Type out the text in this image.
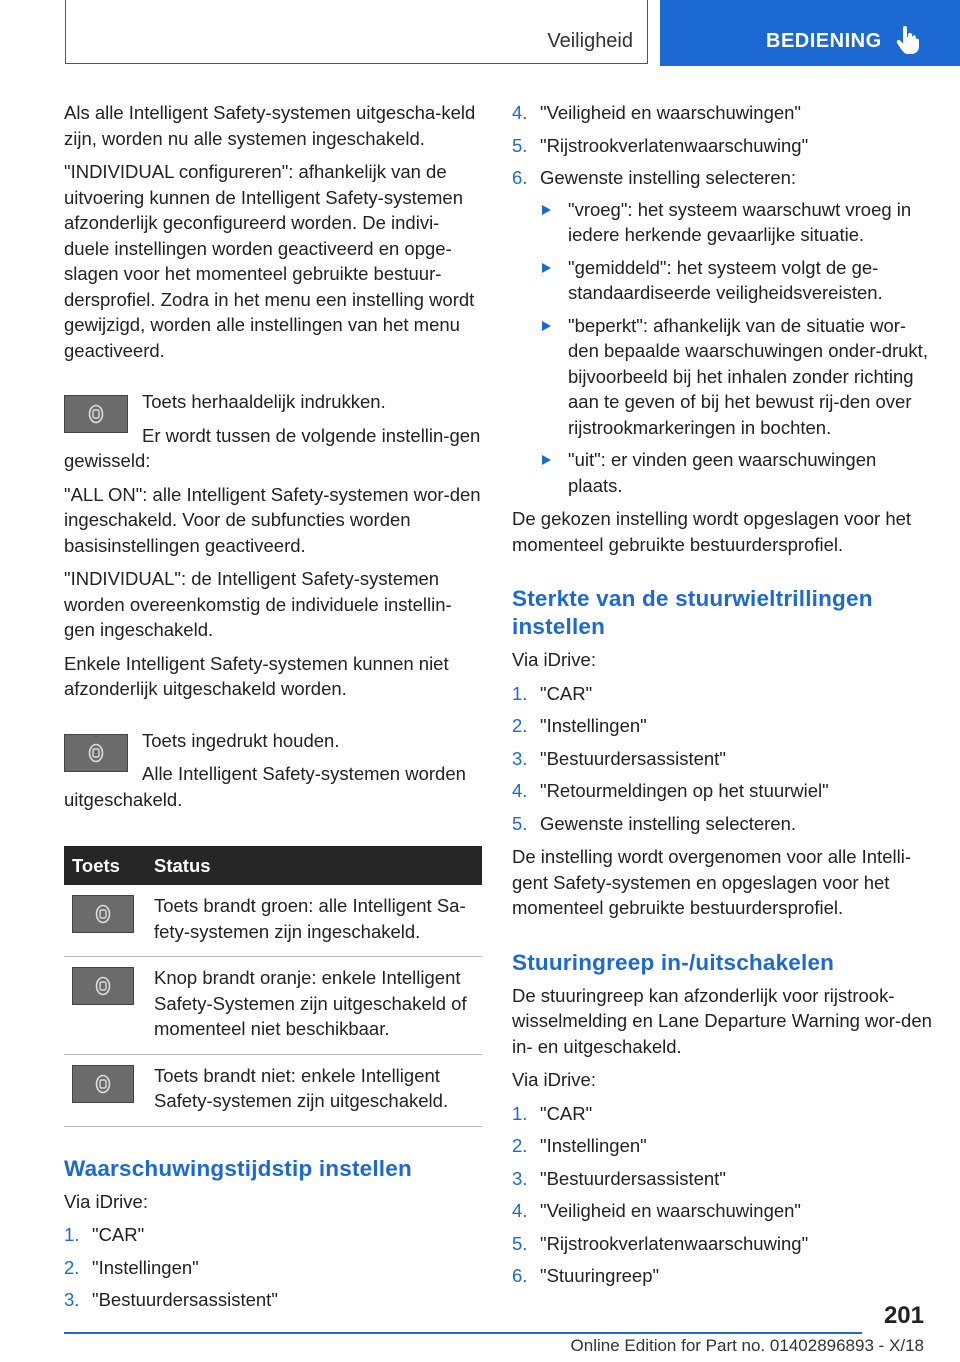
Veiligheid	BEDIENING

Als alle Intelligent Safety-systemen uitgescha-keld zijn, worden nu alle systemen ingeschakeld.

"INDIVIDUAL configureren": afhankelijk van de uitvoering kunnen de Intelligent Safety-systemen afzonderlijk geconfigureerd worden. De indivi-duele instellingen worden geactiveerd en opge-slagen voor het momenteel gebruikte bestuur-dersprofiel. Zodra in het menu een instelling wordt gewijzigd, worden alle instellingen van het menu geactiveerd.

Toets herhaaldelijk indrukken.

Er wordt tussen de volgende instellin-gen gewisseld:

"ALL ON": alle Intelligent Safety-systemen wor-den ingeschakeld. Voor de subfuncties worden basisinstellingen geactiveerd.

"INDIVIDUAL": de Intelligent Safety-systemen worden overeenkomstig de individuele instellin-gen ingeschakeld.

Enkele Intelligent Safety-systemen kunnen niet afzonderlijk uitgeschakeld worden.

Toets ingedrukt houden.

Alle Intelligent Safety-systemen worden uitgeschakeld.

Toets	Status

	Toets brandt groen: alle Intelligent Sa-fety-systemen zijn ingeschakeld.

	Knop brandt oranje: enkele Intelligent Safety-Systemen zijn uitgeschakeld of momenteel niet beschikbaar.

	Toets brandt niet: enkele Intelligent Safety-systemen zijn uitgeschakeld.
Waarschuwingstijdstip instellen

Via iDrive:

1. "CAR"
2. "Instellingen"
3. "Bestuurdersassistent"
4. "Veiligheid en waarschuwingen"
5. "Rijstrookverlatenwaarschuwing"
6. Gewenste instelling selecteren:
"vroeg": het systeem waarschuwt vroeg in iedere herkende gevaarlijke situatie.
"gemiddeld": het systeem volgt de ge-standaardiseerde veiligheidsvereisten.
"beperkt": afhankelijk van de situatie wor-den bepaalde waarschuwingen onder-drukt, bijvoorbeeld bij het inhalen zonder richting aan te geven of bij het bewust rij-den over rijstrookmarkeringen in bochten.
"uit": er vinden geen waarschuwingen plaats.

De gekozen instelling wordt opgeslagen voor het momenteel gebruikte bestuurdersprofiel.

Sterkte van de stuurwieltrillingen instellen

Via iDrive:

1. "CAR"
2. "Instellingen"
3. "Bestuurdersassistent"
4. "Retourmeldingen op het stuurwiel"
5. Gewenste instelling selecteren.

De instelling wordt overgenomen voor alle Intelli-gent Safety-systemen en opgeslagen voor het momenteel gebruikte bestuurdersprofiel.

Stuuringreep in-/uitschakelen

De stuuringreep kan afzonderlijk voor rijstrook-wisselmelding en Lane Departure Warning wor-den in- en uitgeschakeld.

Via iDrive:

1. "CAR"
2. "Instellingen"
3. "Bestuurdersassistent"
4. "Veiligheid en waarschuwingen"
5. "Rijstrookverlatenwaarschuwing"
6. "Stuuringreep"
201
Online Edition for Part no. 01402896893 - X/18
